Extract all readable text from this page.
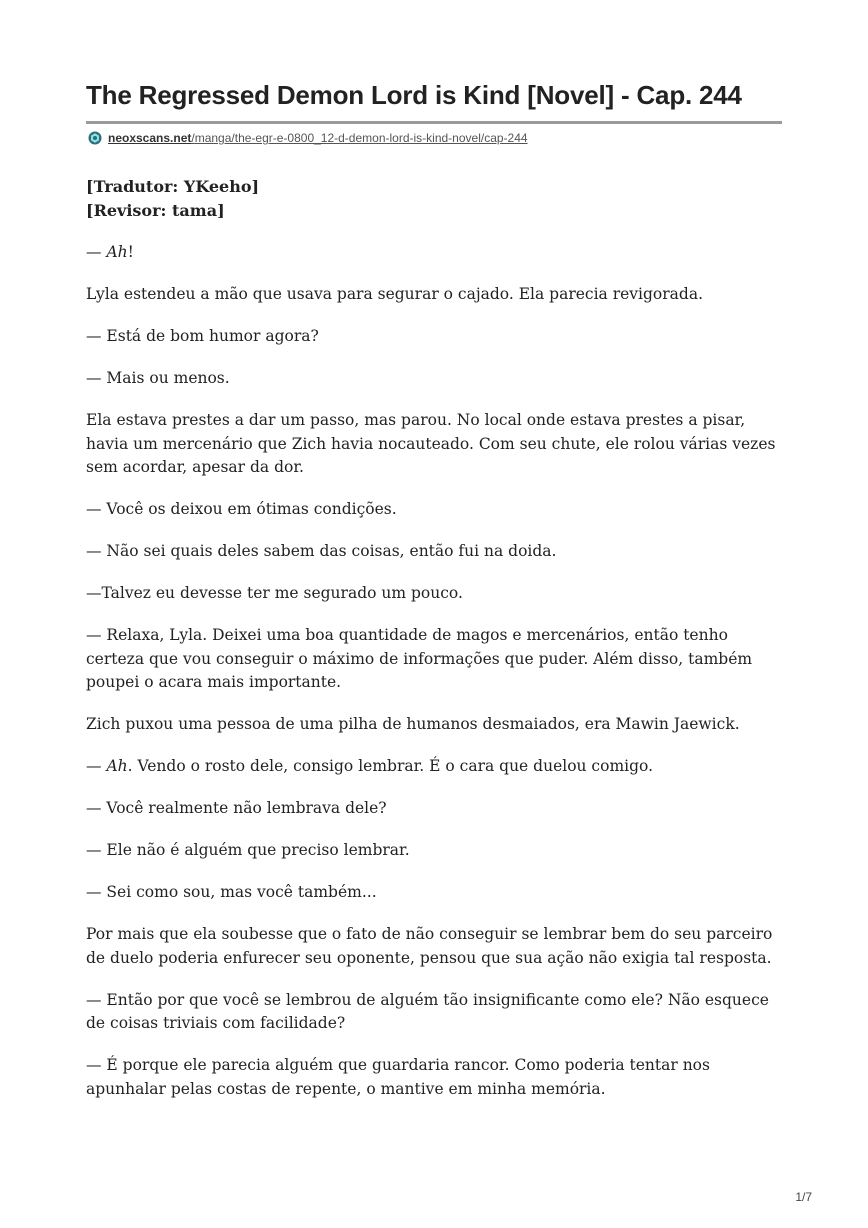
The Regressed Demon Lord is Kind [Novel] - Cap. 244
neoxscans.net /manga/the-egr-e-0800_12-d-demon-lord-is-kind-novel/cap-244
[Tradutor: YKeeho]
[Revisor: tama]

— Ah!

Lyla estendeu a mão que usava para segurar o cajado. Ela parecia revigorada.

— Está de bom humor agora?

— Mais ou menos.

Ela estava prestes a dar um passo, mas parou. No local onde estava prestes a pisar, havia um mercenário que Zich havia nocauteado. Com seu chute, ele rolou várias vezes sem acordar, apesar da dor.

— Você os deixou em ótimas condições.

— Não sei quais deles sabem das coisas, então fui na doida.

—Talvez eu devesse ter me segurado um pouco.

— Relaxa, Lyla. Deixei uma boa quantidade de magos e mercenários, então tenho certeza que vou conseguir o máximo de informações que puder. Além disso, também poupei o acara mais importante.

Zich puxou uma pessoa de uma pilha de humanos desmaiados, era Mawin Jaewick.

— Ah. Vendo o rosto dele, consigo lembrar. É o cara que duelou comigo.

— Você realmente não lembrava dele?

— Ele não é alguém que preciso lembrar.

— Sei como sou, mas você também...

Por mais que ela soubesse que o fato de não conseguir se lembrar bem do seu parceiro de duelo poderia enfurecer seu oponente, pensou que sua ação não exigia tal resposta.

— Então por que você se lembrou de alguém tão insignificante como ele? Não esquece de coisas triviais com facilidade?

— É porque ele parecia alguém que guardaria rancor. Como poderia tentar nos apunhalar pelas costas de repente, o mantive em minha memória.

1/7
